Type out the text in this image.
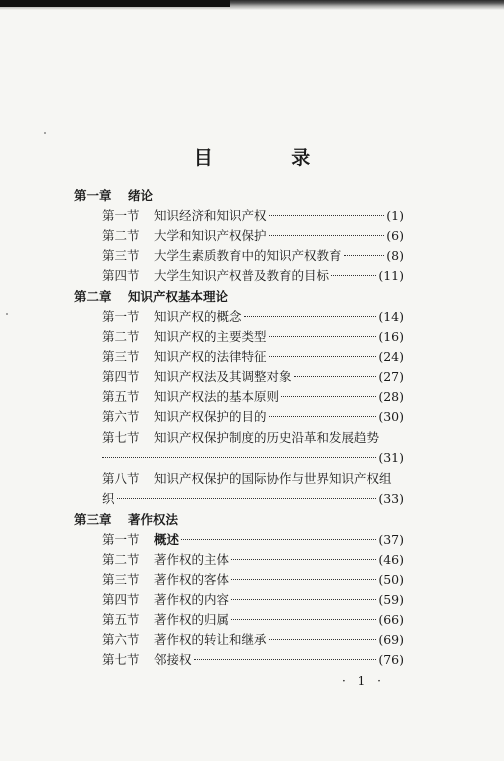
目 录
第一章	绪论
第一节	知识经济和知识产权	(1)
第二节	大学和知识产权保护	(6)
第三节	大学生素质教育中的知识产权教育	(8)
第四节	大学生知识产权普及教育的目标	(11)
第二章	知识产权基本理论
第一节	知识产权的概念	(14)
第二节	知识产权的主要类型	(16)
第三节	知识产权的法律特征	(24)
第四节	知识产权法及其调整对象	(27)
第五节	知识产权法的基本原则	(28)
第六节	知识产权保护的目的	(30)
第七节	知识产权保护制度的历史沿革和发展趋势
(31)
第八节	知识产权保护的国际协作与世界知识产权组
织	(33)
第三章	著作权法
第一节	概述	(37)
第二节	著作权的主体	(46)
第三节	著作权的客体	(50)
第四节	著作权的内容	(59)
第五节	著作权的归属	(66)
第六节	著作权的转让和继承	(69)
第七节	邻接权	(76)
· 1 ·
